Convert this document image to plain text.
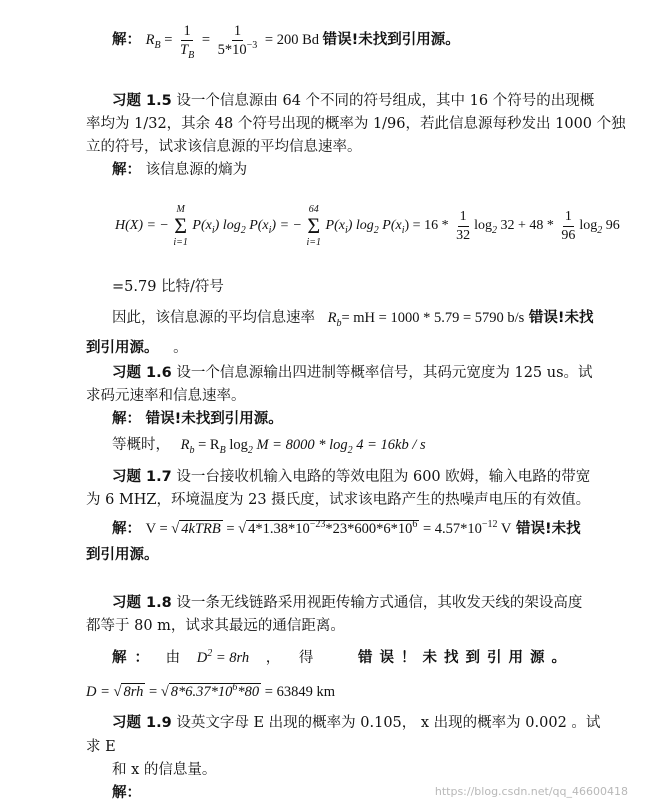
解： $R_B = \frac{1}{T_B} = \frac{1}{5*10^{-3}} = 200$ Bd 错误!未找到引用源。
习题 1.5 设一个信息源由 64 个不同的符号组成，其中 16 个符号的出现概
率均为 1/32，其余 48 个符号出现的概率为 1/96，若此信息源每秒发出 1000 个独
立的符号，试求该信息源的平均信息速率。
解： 该信息源的熵为
H(X) = −
M
Σ
i=1
$P(x_i)$ $\log_2 P(x_i)$ = −
64
Σ
i=1
$P(x_i)$ $\log_2 P(x_i) = 16 * \frac{1}{32} \log_2 32 + 48 * \frac{1}{96} \log_2 96$
=5.79 比特/符号
因此，该信息源的平均信息速率 $R_b=$ mH = 1000 * 5.79 = 5790 b/s 错误!未找
到引用源。 。
习题 1.6 设一个信息源输出四进制等概率信号，其码元宽度为 125 us。试
求码元速率和信息速率。
解： 错误!未找到引用源。
等概时， $R_b = R_B$ $\log_2 M = 8000 * \log_2 4 = 16kb / s$
习题 1.7 设一台接收机输入电路的等效电阻为 600 欧姆，输入电路的带宽
为 6 MHZ，环境温度为 23 摄氏度，试求该电路产生的热噪声电压的有效值。
解： V = √ 4kTRB = √ $4*1.38*10^{-23}*23*600*6*10^6 = 4.57*10^{-12}$ V 错误!未找
到引用源。
习题 1.8 设一条无线链路采用视距传输方式通信，其收发天线的架设高度
都等于 80 m，试求其最远的通信距离。
解 ： 由 $D^2 = 8rh$ ， 得	错误！未找到引用源。
D = √ 8rh = √ $8*6.37*10^6*80 = 63849$ km
习题 1.9 设英文字母 E 出现的概率为 0.105， x 出现的概率为 0.002 。试
求 E
和 x 的信息量。
解：	https://blog.csdn.net/qq_46600418
